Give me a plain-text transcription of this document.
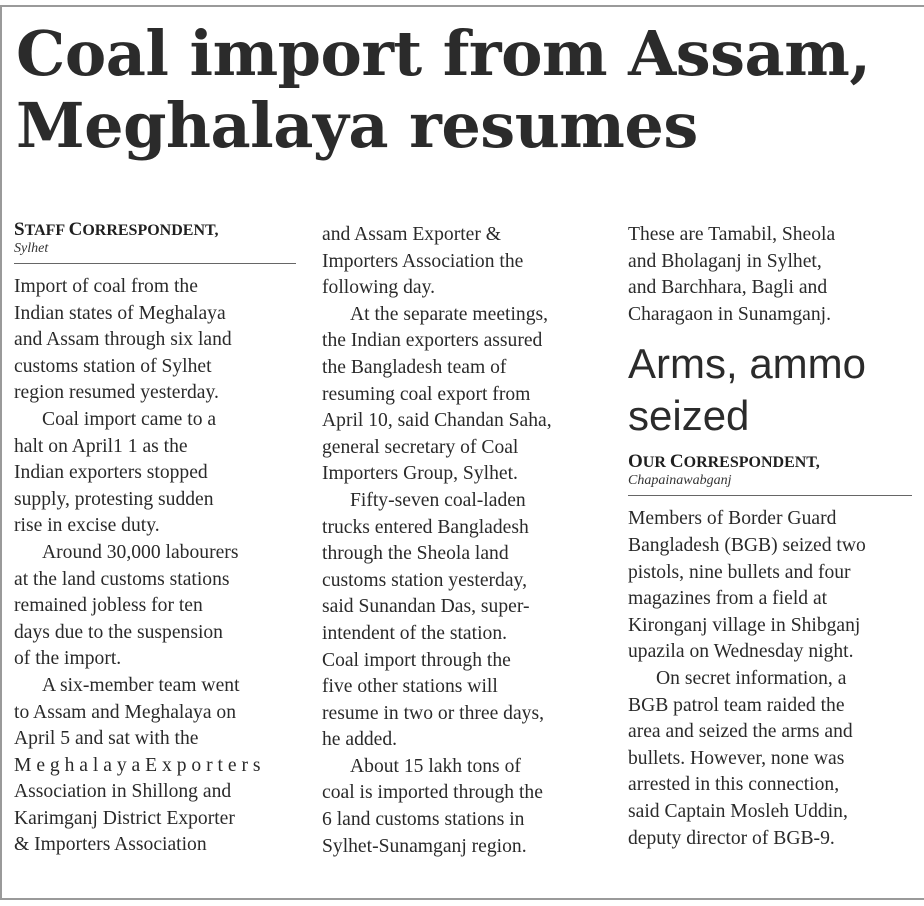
Coal import from Assam,
Meghalaya resumes
STAFF CORRESPONDENT,
Sylhet
Import of coal from the
Indian states of Meghalaya
and Assam through six land
customs station of Sylhet
region resumed yesterday.
Coal import came to a
halt on April1 1 as the
Indian exporters stopped
supply, protesting sudden
rise in excise duty.
Around 30,000 labourers
at the land customs stations
remained jobless for ten
days due to the suspension
of the import.
A six-member team went
to Assam and Meghalaya on
April 5 and sat with the
M e g h a l a y a E x p o r t e r s
Association in Shillong and
Karimganj District Exporter
& Importers Association
and Assam Exporter &
Importers Association the
following day.
At the separate meetings,
the Indian exporters assured
the Bangladesh team of
resuming coal export from
April 10, said Chandan Saha,
general secretary of Coal
Importers Group, Sylhet.
Fifty-seven coal-laden
trucks entered Bangladesh
through the Sheola land
customs station yesterday,
said Sunandan Das, super-
intendent of the station.
Coal import through the
five other stations will
resume in two or three days,
he added.
About 15 lakh tons of
coal is imported through the
6 land customs stations in
Sylhet-Sunamganj region.
These are Tamabil, Sheola
and Bholaganj in Sylhet,
and Barchhara, Bagli and
Charagaon in Sunamganj.
Arms, ammo
seized
OUR CORRESPONDENT,
Chapainawabganj
Members of Border Guard
Bangladesh (BGB) seized two
pistols, nine bullets and four
magazines from a field at
Kironganj village in Shibganj
upazila on Wednesday night.
On secret information, a
BGB patrol team raided the
area and seized the arms and
bullets. However, none was
arrested in this connection,
said Captain Mosleh Uddin,
deputy director of BGB-9.
